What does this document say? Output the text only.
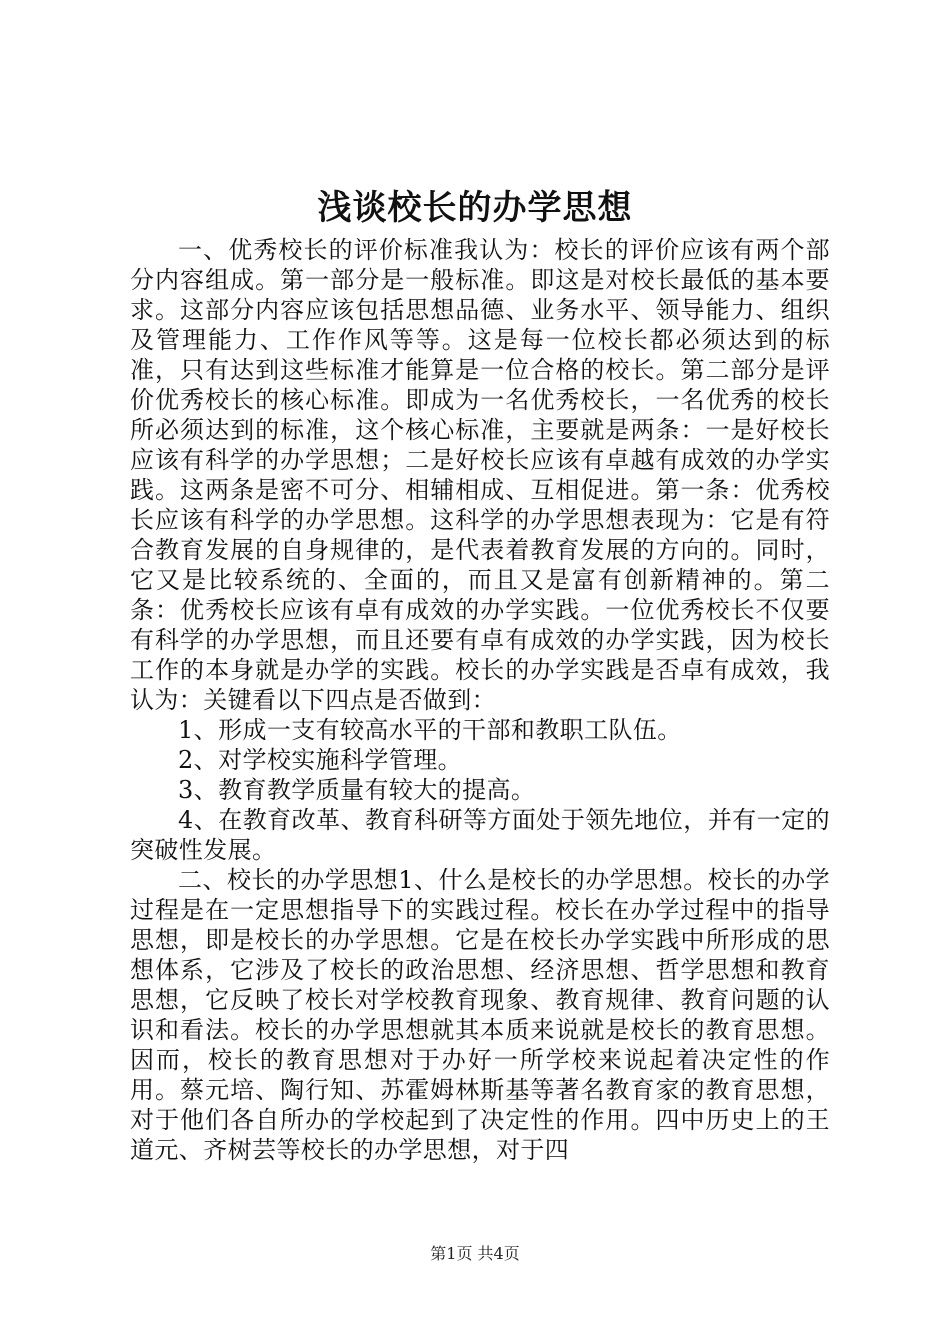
浅谈校长的办学思想

一、优秀校长的评价标准我认为：校长的评价应该有两个部分内容组成。第一部分是一般标准。即这是对校长最低的基本要求。这部分内容应该包括思想品德、业务水平、领导能力、组织及管理能力、工作作风等等。这是每一位校长都必须达到的标准，只有达到这些标准才能算是一位合格的校长。第二部分是评价优秀校长的核心标准。即成为一名优秀校长，一名优秀的校长所必须达到的标准，这个核心标准，主要就是两条：一是好校长应该有科学的办学思想；二是好校长应该有卓越有成效的办学实践。这两条是密不可分、相辅相成、互相促进。第一条：优秀校长应该有科学的办学思想。这科学的办学思想表现为：它是有符合教育发展的自身规律的，是代表着教育发展的方向的。同时，它又是比较系统的、全面的，而且又是富有创新精神的。第二条：优秀校长应该有卓有成效的办学实践。一位优秀校长不仅要有科学的办学思想，而且还要有卓有成效的办学实践，因为校长工作的本身就是办学的实践。校长的办学实践是否卓有成效，我认为：关键看以下四点是否做到：

1、形成一支有较高水平的干部和教职工队伍。

2、对学校实施科学管理。

3、教育教学质量有较大的提高。

4、在教育改革、教育科研等方面处于领先地位，并有一定的突破性发展。

二、校长的办学思想1、什么是校长的办学思想。校长的办学过程是在一定思想指导下的实践过程。校长在办学过程中的指导思想，即是校长的办学思想。它是在校长办学实践中所形成的思想体系，它涉及了校长的政治思想、经济思想、哲学思想和教育思想，它反映了校长对学校教育现象、教育规律、教育问题的认识和看法。校长的办学思想就其本质来说就是校长的教育思想。因而，校长的教育思想对于办好一所学校来说起着决定性的作用。蔡元培、陶行知、苏霍姆林斯基等著名教育家的教育思想，对于他们各自所办的学校起到了决定性的作用。四中历史上的王道元、齐树芸等校长的办学思想，对于四

第1页 共4页
